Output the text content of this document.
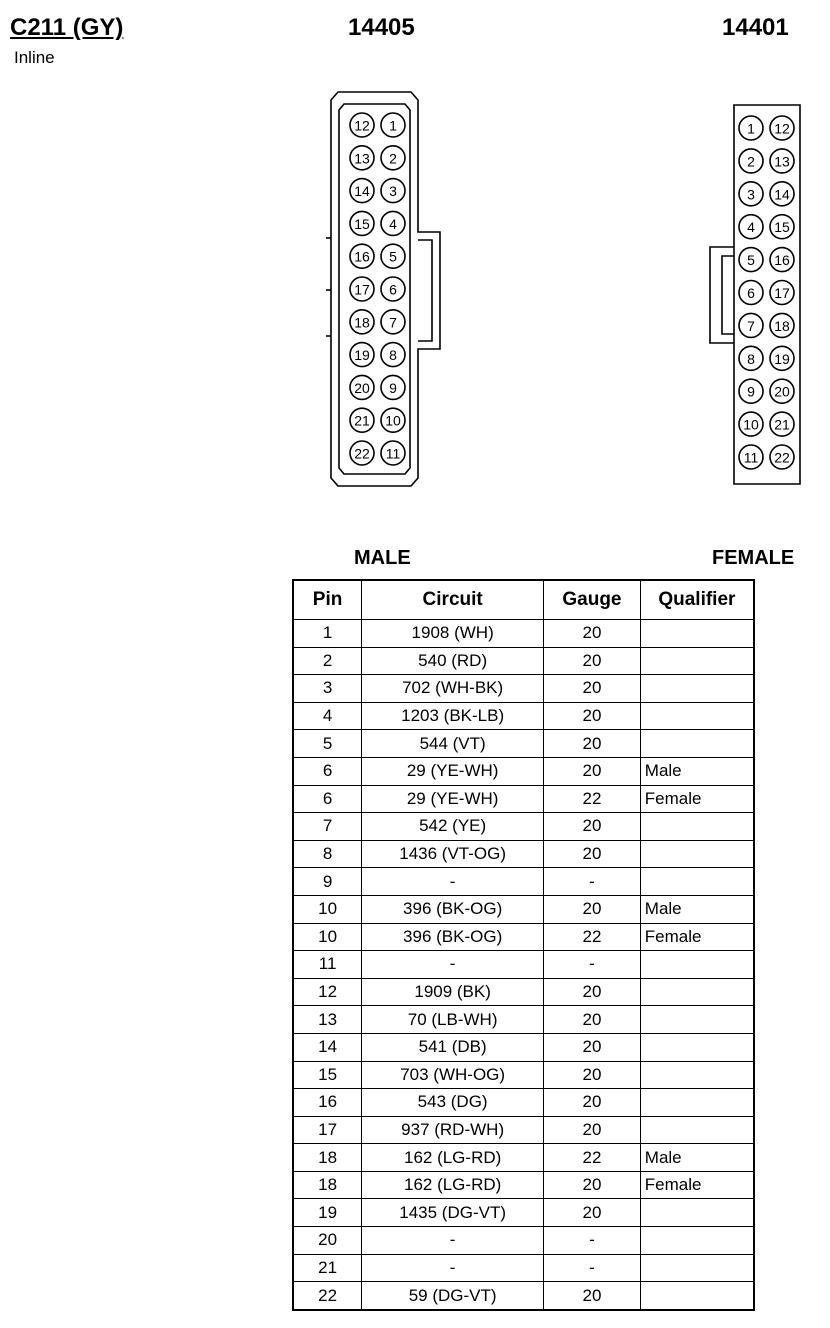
C211 (GY)
Inline
14405	14401
12
13
14
15
16
17
18
19
20
21
22
1
2
3
4
5
6
7
8
9
10
11
1
2
3
4
5
6
7
8
9
10
11
12
13
14
15
16
17
18
19
20
21
22
MALE	FEMALE
Pin	Circuit	Gauge	Qualifier
1	1908 (WH)	20	
2	540 (RD)	20	
3	702 (WH-BK)	20	
4	1203 (BK-LB)	20	
5	544 (VT)	20	
6	29 (YE-WH)	20	Male
6	29 (YE-WH)	22	Female
7	542 (YE)	20	
8	1436 (VT-OG)	20	
9	-	-	
10	396 (BK-OG)	20	Male
10	396 (BK-OG)	22	Female
11	-	-	
12	1909 (BK)	20	
13	70 (LB-WH)	20	
14	541 (DB)	20	
15	703 (WH-OG)	20	
16	543 (DG)	20	
17	937 (RD-WH)	20	
18	162 (LG-RD)	22	Male
18	162 (LG-RD)	20	Female
19	1435 (DG-VT)	20	
20	-	-	
21	-	-	
22	59 (DG-VT)	20	
